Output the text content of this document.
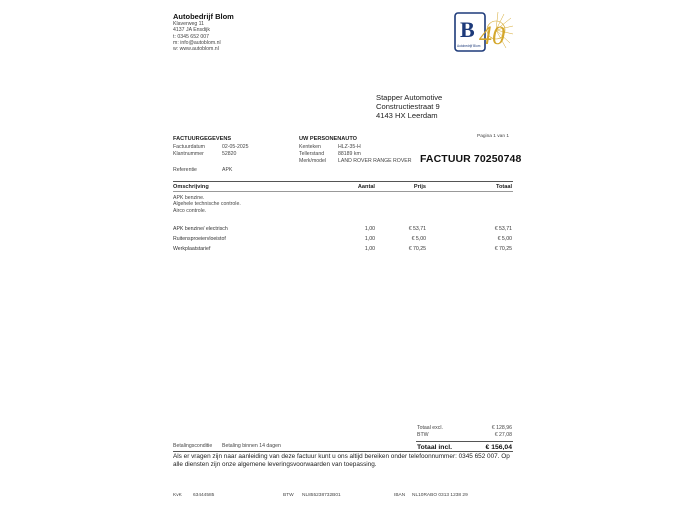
Autobedrijf Blom
Klaverweg 11
4137 JA Ensdijk
t: 0345 652 007
m: info@autoblom.nl
w: www.autoblom.nl
B 40
Autobedrijf Blom
Stapper Automotive
Constructiestraat 9
4143 HX Leerdam
Pagina 1 van 1
FACTUURGEGEVENS
Factuurdatum	02-05-2025
Klantnummer	52820
Referentie	APK
UW PERSONENAUTO
Kenteken	HLZ-35-H
Tellerstand	88189 km
Merk/model LAND ROVER RANGE ROVER FACTUUR 70250748
Omschrijving	Aantal	Prijs	Totaal
APK benzine.
Algehele technische controle.
Airco controle.
APK benzine/ electrisch	1,00	€ 53,71	€ 53,71
Ruitensproeiervloeistof	1,00	€ 5,00	€ 5,00
Werkplaatstarief	1,00	€ 70,25	€ 70,25
Totaal excl.	€ 128,96
BTW	€ 27,08
Totaal incl.	€ 156,04
Betalingsconditie Betaling binnen 14 dagen
Als er vragen zijn naar aanleiding van deze factuur kunt u ons altijd bereiken onder telefoonnummer: 0345 652 007. Op alle diensten zijn onze algemene leveringsvoorwaarden van toepassing.
KvK 63444585	BTW NL855238732B01	IBAN NL10RABO 0313 1238 29
